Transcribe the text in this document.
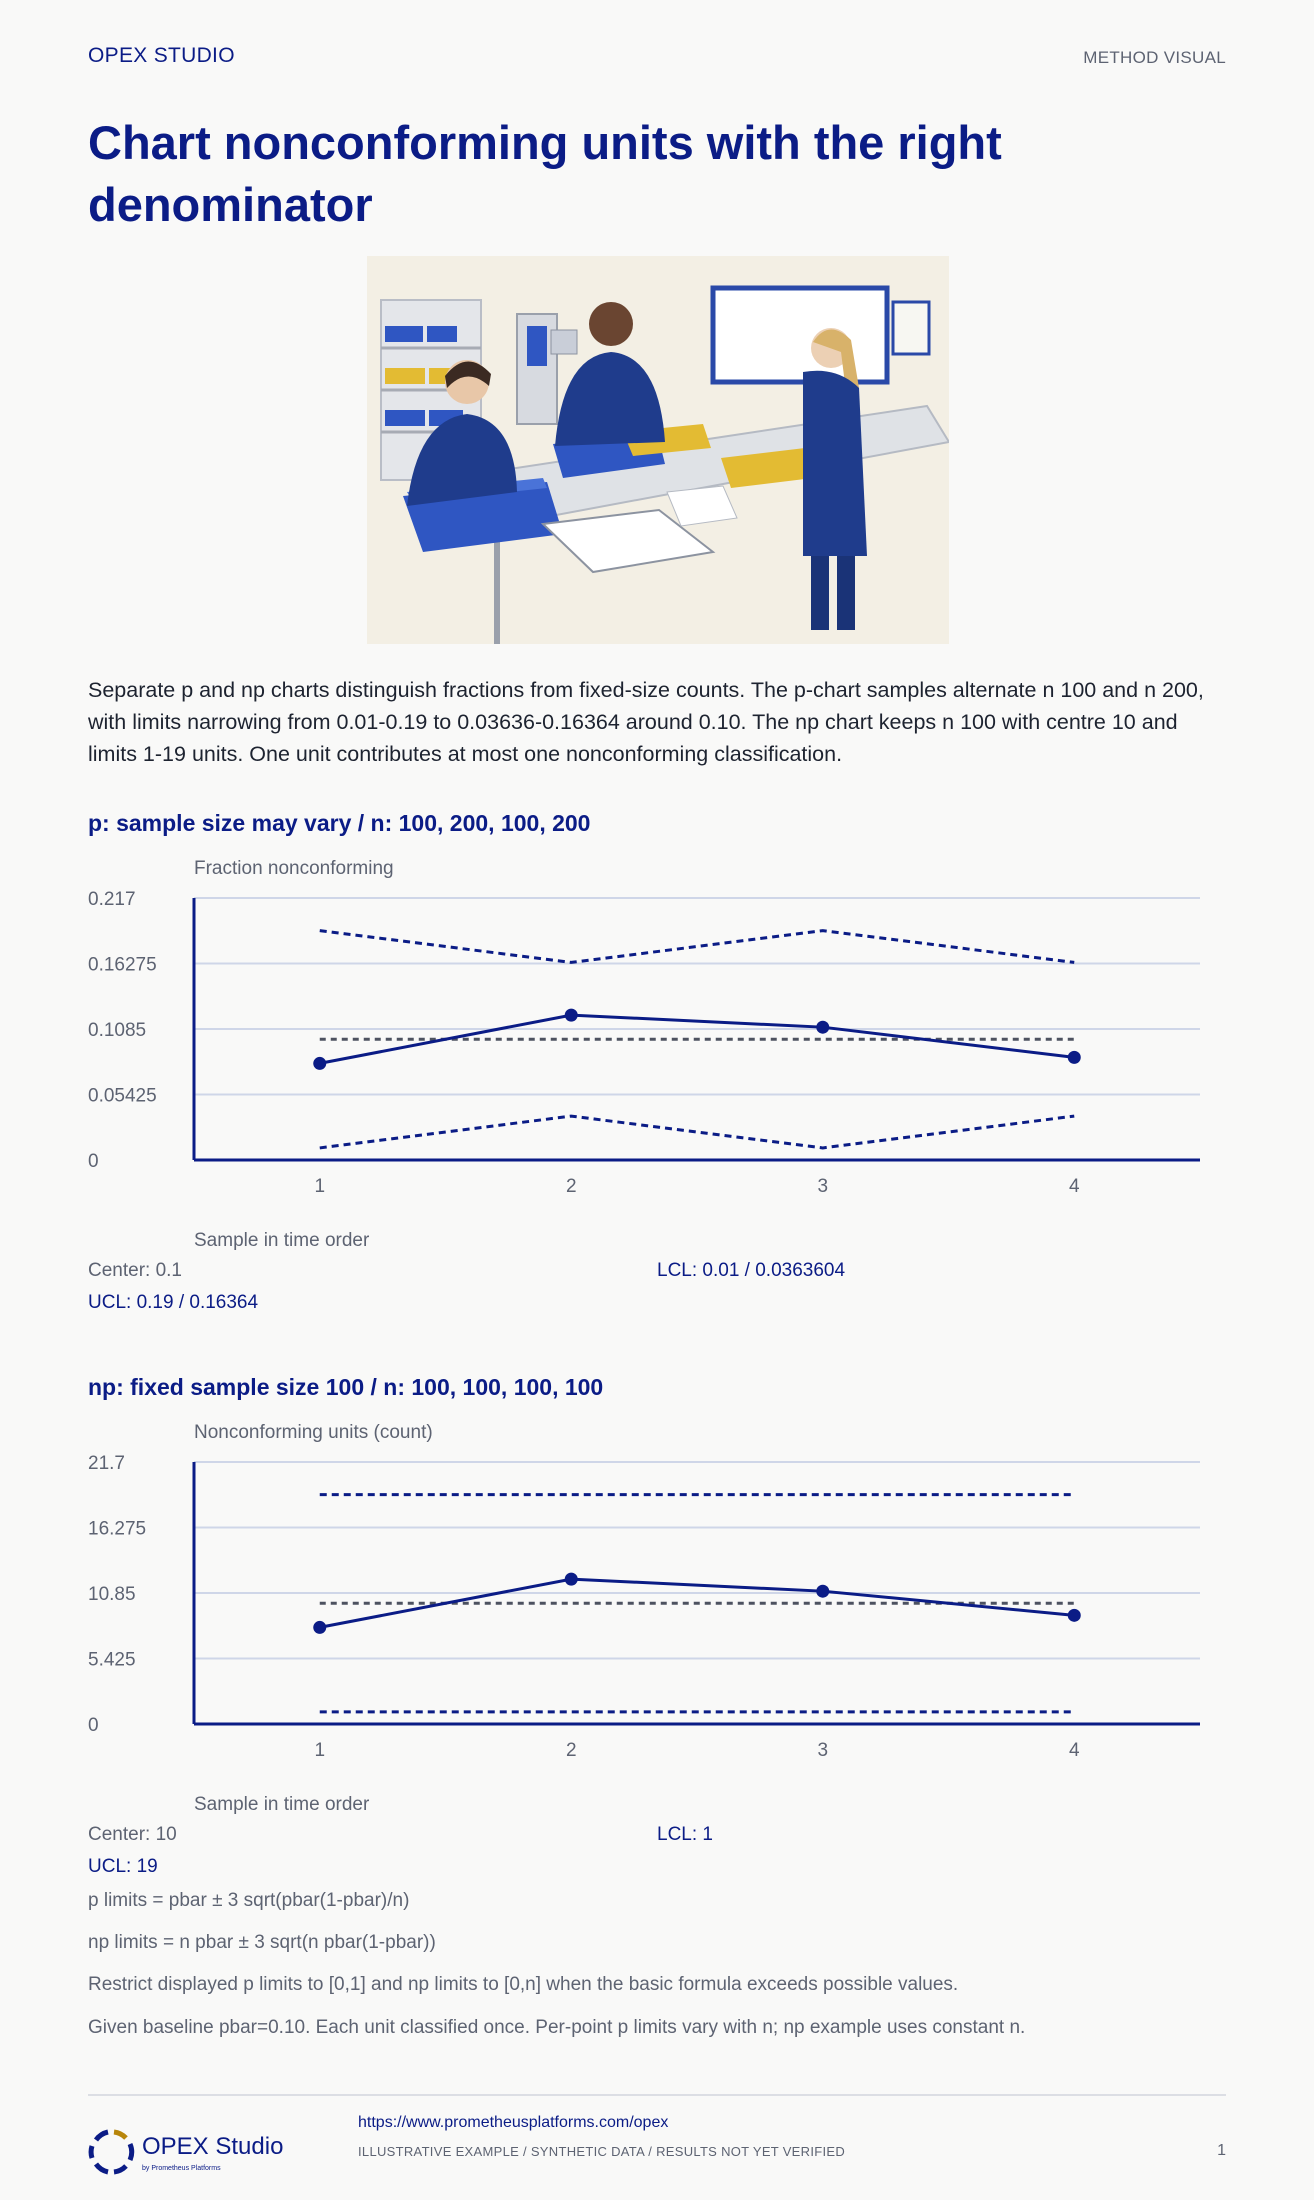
OPEX STUDIO	METHOD VISUAL
Chart nonconforming units with the right denominator

Separate p and np charts distinguish fractions from fixed-size counts. The p-chart samples alternate n 100 and n 200, with limits narrowing from 0.01-0.19 to 0.03636-0.16364 around 0.10. The np chart keeps n 100 with centre 10 and limits 1-19 units. One unit contributes at most one nonconforming classification.

p: sample size may vary / n: 100, 200, 100, 200
Fraction nonconforming
0
0.05425
0.1085
0.16275
0.217
1	2	3	4
Sample in time order
Center: 0.1	LCL: 0.01 / 0.0363604
UCL: 0.19 / 0.16364
np: fixed sample size 100 / n: 100, 100, 100, 100
Nonconforming units (count)
0
5.425
10.85
16.275
21.7
1	2	3	4
Sample in time order
Center: 10	LCL: 1
UCL: 19
p limits = pbar ± 3 sqrt(pbar(1-pbar)/n)
np limits = n pbar ± 3 sqrt(n pbar(1-pbar))
Restrict displayed p limits to [0,1] and np limits to [0,n] when the basic formula exceeds possible values.
Given baseline pbar=0.10. Each unit classified once. Per-point p limits vary with n; np example uses constant n.
OPEX Studio
by Prometheus Platforms
https://www.prometheusplatforms.com/opex
ILLUSTRATIVE EXAMPLE / SYNTHETIC DATA / RESULTS NOT YET VERIFIED	1
